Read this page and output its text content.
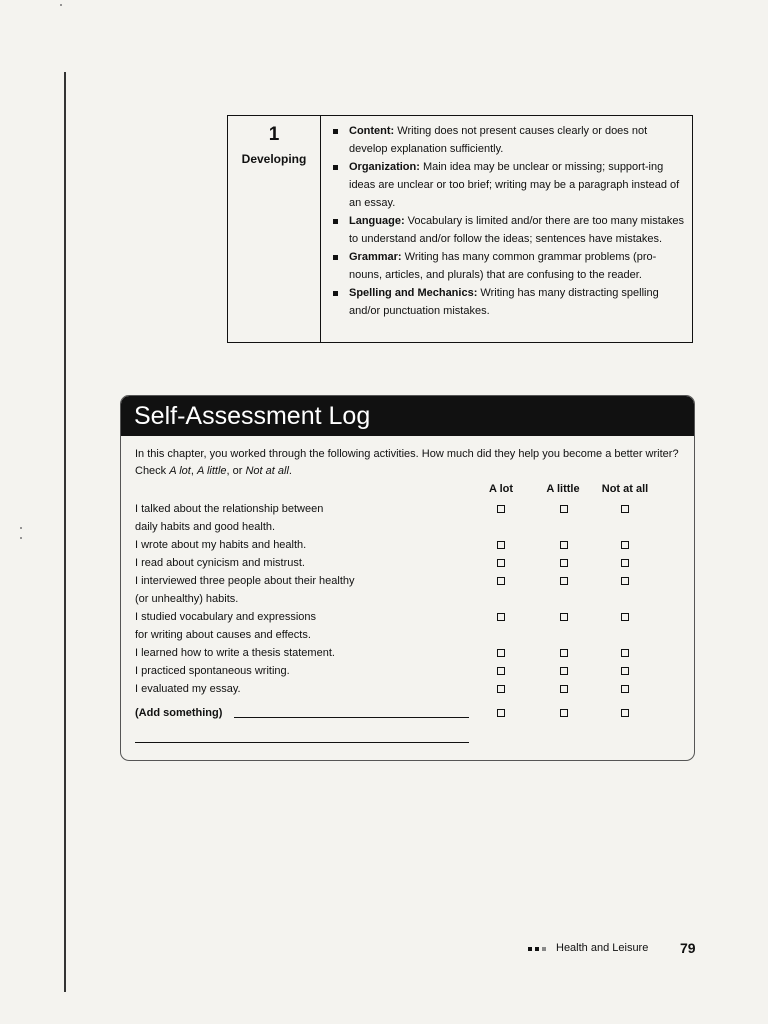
1
Developing
Content: Writing does not present causes clearly or does not develop explanation sufficiently.
Organization: Main idea may be unclear or missing; support-ing ideas are unclear or too brief; writing may be a paragraph instead of an essay.
Language: Vocabulary is limited and/or there are too many mistakes to understand and/or follow the ideas; sentences have mistakes.
Grammar: Writing has many common grammar problems (pro-nouns, articles, and plurals) that are confusing to the reader.
Spelling and Mechanics: Writing has many distracting spelling and/or punctuation mistakes.
Self-Assessment Log
In this chapter, you worked through the following activities. How much did they help you become a better writer? Check A lot, A little, or Not at all.
A lot	A little	Not at all
I talked about the relationship between
daily habits and good health.
I wrote about my habits and health.
I read about cynicism and mistrust.
I interviewed three people about their healthy
(or unhealthy) habits.
I studied vocabulary and expressions
for writing about causes and effects.
I learned how to write a thesis statement.
I practiced spontaneous writing.
I evaluated my essay.
(Add something)
Health and Leisure 79
